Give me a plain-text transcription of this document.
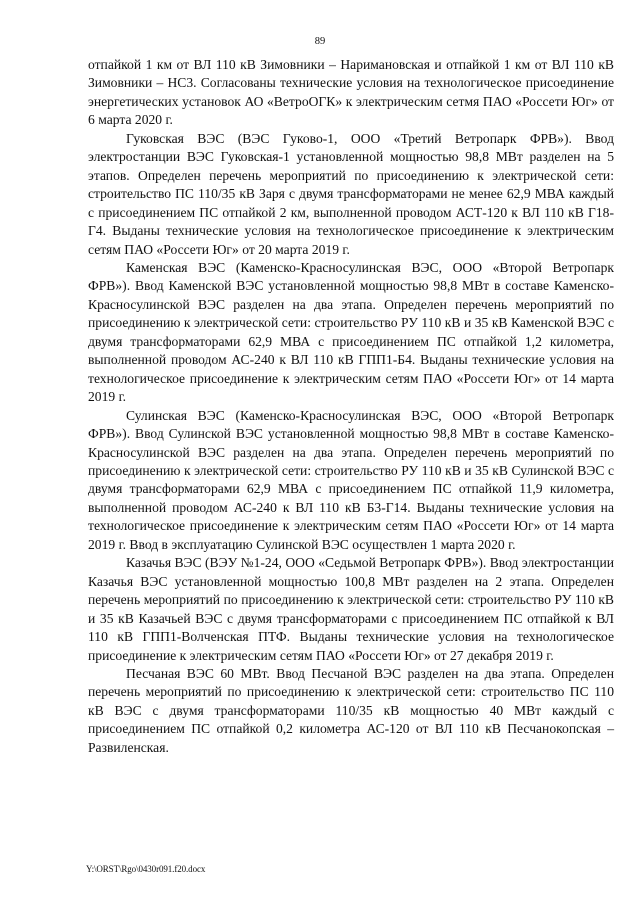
89

отпайкой 1 км от ВЛ 110 кВ Зимовники – Наримановская и отпайкой 1 км от ВЛ 110 кВ Зимовники – НС3. Согласованы технические условия на технологическое присоединение энергетических установок АО «ВетроОГК» к электрическим сетмя ПАО «Россети Юг» от 6 марта 2020 г.

Гуковская ВЭС (ВЭС Гуково-1, ООО «Третий Ветропарк ФРВ»). Ввод электростанции ВЭС Гуковская-1 установленной мощностью 98,8 МВт разделен на 5 этапов. Определен перечень мероприятий по присоединению к электрической сети: строительство ПС 110/35 кВ Заря с двумя трансформаторами не менее 62,9 МВА каждый с присоединением ПС отпайкой 2 км, выполненной проводом АСТ-120 к ВЛ 110 кВ Г18-Г4. Выданы технические условия на технологическое присоединение к электрическим сетям ПАО «Россети Юг» от 20 марта 2019 г.

Каменская ВЭС (Каменско-Красносулинская ВЭС, ООО «Второй Ветропарк ФРВ»). Ввод Каменской ВЭС установленной мощностью 98,8 МВт в составе Каменско-Красносулинской ВЭС разделен на два этапа. Определен перечень мероприятий по присоединению к электрической сети: строительство РУ 110 кВ и 35 кВ Каменской ВЭС с двумя трансформаторами 62,9 МВА с присоединением ПС отпайкой 1,2 километра, выполненной проводом АС-240 к ВЛ 110 кВ ГПП1-Б4. Выданы технические условия на технологическое присоединение к электрическим сетям ПАО «Россети Юг» от 14 марта 2019 г.

Сулинская ВЭС (Каменско-Красносулинская ВЭС, ООО «Второй Ветропарк ФРВ»). Ввод Сулинской ВЭС установленной мощностью 98,8 МВт в составе Каменско-Красносулинской ВЭС разделен на два этапа. Определен перечень мероприятий по присоединению к электрической сети: строительство РУ 110 кВ и 35 кВ Сулинской ВЭС с двумя трансформаторами 62,9 МВА с присоединением ПС отпайкой 11,9 километра, выполненной проводом АС-240 к ВЛ 110 кВ Б3-Г14. Выданы технические условия на технологическое присоединение к электрическим сетям ПАО «Россети Юг» от 14 марта 2019 г. Ввод в эксплуатацию Сулинской ВЭС осуществлен 1 марта 2020 г.

Казачья ВЭС (ВЭУ №1-24, ООО «Седьмой Ветропарк ФРВ»). Ввод электростанции Казачья ВЭС установленной мощностью 100,8 МВт разделен на 2 этапа. Определен перечень мероприятий по присоединению к электрической сети: строительство РУ 110 кВ и 35 кВ Казачьей ВЭС с двумя трансформаторами с присоединением ПС отпайкой к ВЛ 110 кВ ГПП1-Волченская ПТФ. Выданы технические условия на технологическое присоединение к электрическим сетям ПАО «Россети Юг» от 27 декабря 2019 г.

Песчаная ВЭС 60 МВт. Ввод Песчаной ВЭС разделен на два этапа. Определен перечень мероприятий по присоединению к электрической сети: строительство ПС 110 кВ ВЭС с двумя трансформаторами 110/35 кВ мощностью 40 МВт каждый с присоединением ПС отпайкой 0,2 километра АС-120 от ВЛ 110 кВ Песчанокопская – Развиленская.

Y:\ORST\Rgo\0430r091.f20.docx
